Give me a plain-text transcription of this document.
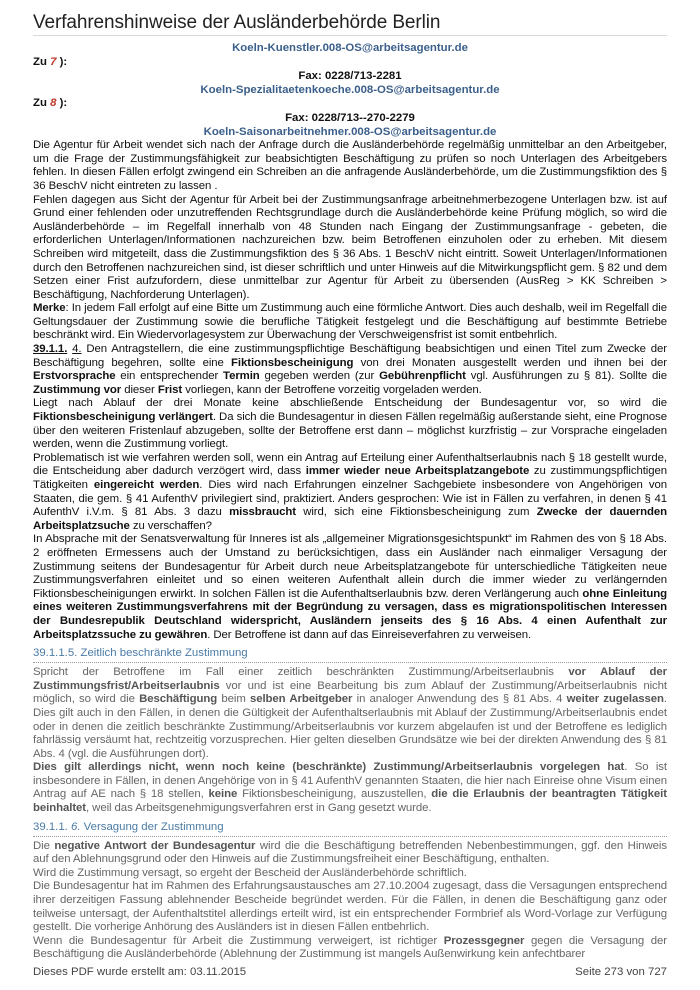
Verfahrenshinweise der Ausländerbehörde Berlin
Koeln-Kuenstler.008-OS@arbeitsagentur.de
Zu 7 ):
Fax: 0228/713-2281
Koeln-Spezialitaetenkoeche.008-OS@arbeitsagentur.de
Zu 8 ):
Fax: 0228/713--270-2279
Koeln-Saisonarbeitnehmer.008-OS@arbeitsagentur.de

Die Agentur für Arbeit wendet sich nach der Anfrage durch die Ausländerbehörde regelmäßig unmittelbar an den Arbeitgeber, um die Frage der Zustimmungsfähigkeit zur beabsichtigten Beschäftigung zu prüfen so noch Unterlagen des Arbeitgebers fehlen. In diesen Fällen erfolgt zwingend ein Schreiben an die anfragende Ausländerbehörde, um die Zustimmungsfiktion des § 36 BeschV nicht eintreten zu lassen .

Fehlen dagegen aus Sicht der Agentur für Arbeit bei der Zustimmungsanfrage arbeitnehmerbezogene Unterlagen bzw. ist auf Grund einer fehlenden oder unzutreffenden Rechtsgrundlage durch die Ausländerbehörde keine Prüfung möglich, so wird die Ausländerbehörde – im Regelfall innerhalb von 48 Stunden nach Eingang der Zustimmungsanfrage - gebeten, die erforderlichen Unterlagen/Informationen nachzureichen bzw. beim Betroffenen einzuholen oder zu erheben. Mit diesem Schreiben wird mitgeteilt, dass die Zustimmungsfiktion des § 36 Abs. 1 BeschV nicht eintritt. Soweit Unterlagen/Informationen durch den Betroffenen nachzureichen sind, ist dieser schriftlich und unter Hinweis auf die Mitwirkungspflicht gem. § 82 und dem Setzen einer Frist aufzufordern, diese unmittelbar zur Agentur für Arbeit zu übersenden (AusReg > KK Schreiben > Beschäftigung, Nachforderung Unterlagen).

Merke: In jedem Fall erfolgt auf eine Bitte um Zustimmung auch eine förmliche Antwort. Dies auch deshalb, weil im Regelfall die Geltungsdauer der Zustimmung sowie die berufliche Tätigkeit festgelegt und die Beschäftigung auf bestimmte Betriebe beschränkt wird. Ein Wiedervorlagesystem zur Überwachung der Verschweigensfrist ist somit entbehrlich.

39.1.1. 4. Den Antragstellern, die eine zustimmungspflichtige Beschäftigung beabsichtigen und einen Titel zum Zwecke der Beschäftigung begehren, sollte eine Fiktionsbescheinigung von drei Monaten ausgestellt werden und ihnen bei der Erstvorsprache ein entsprechender Termin gegeben werden (zur Gebührenpflicht vgl. Ausführungen zu § 81). Sollte die Zustimmung vor dieser Frist vorliegen, kann der Betroffene vorzeitig vorgeladen werden.

Liegt nach Ablauf der drei Monate keine abschließende Entscheidung der Bundesagentur vor, so wird die Fiktionsbescheinigung verlängert. Da sich die Bundesagentur in diesen Fällen regelmäßig außerstande sieht, eine Prognose über den weiteren Fristenlauf abzugeben, sollte der Betroffene erst dann – möglichst kurzfristig – zur Vorsprache eingeladen werden, wenn die Zustimmung vorliegt.

Problematisch ist wie verfahren werden soll, wenn ein Antrag auf Erteilung einer Aufenthaltserlaubnis nach § 18 gestellt wurde, die Entscheidung aber dadurch verzögert wird, dass immer wieder neue Arbeitsplatzangebote zu zustimmungspflichtigen Tätigkeiten eingereicht werden. Dies wird nach Erfahrungen einzelner Sachgebiete insbesondere von Angehörigen von Staaten, die gem. § 41 AufenthV privilegiert sind, praktiziert. Anders gesprochen: Wie ist in Fällen zu verfahren, in denen § 41 AufenthV i.V.m. § 81 Abs. 3 dazu missbraucht wird, sich eine Fiktionsbescheinigung zum Zwecke der dauernden Arbeitsplatzsuche zu verschaffen?

In Absprache mit der Senatsverwaltung für Inneres ist als „allgemeiner Migrationsgesichtspunkt“ im Rahmen des von § 18 Abs. 2 eröffneten Ermessens auch der Umstand zu berücksichtigen, dass ein Ausländer nach einmaliger Versagung der Zustimmung seitens der Bundesagentur für Arbeit durch neue Arbeitsplatzangebote für unterschiedliche Tätigkeiten neue Zustimmungsverfahren einleitet und so einen weiteren Aufenthalt allein durch die immer wieder zu verlängernden Fiktionsbescheinigungen erwirkt. In solchen Fällen ist die Aufenthaltserlaubnis bzw. deren Verlängerung auch ohne Einleitung eines weiteren Zustimmungsverfahrens mit der Begründung zu versagen, dass es migrationspolitischen Interessen der Bundesrepublik Deutschland widerspricht, Ausländern jenseits des § 16 Abs. 4 einen Aufenthalt zur Arbeitsplatzssuche zu gewähren. Der Betroffene ist dann auf das Einreiseverfahren zu verweisen.

39.1.1.5. Zeitlich beschränkte Zustimmung

Spricht der Betroffene im Fall einer zeitlich beschränkten Zustimmung/Arbeitserlaubnis vor Ablauf der Zustimmungsfrist/Arbeitserlaubnis vor und ist eine Bearbeitung bis zum Ablauf der Zustimmung/Arbeitserlaubnis nicht möglich, so wird die Beschäftigung beim selben Arbeitgeber in analoger Anwendung des § 81 Abs. 4 weiter zugelassen. Dies gilt auch in den Fällen, in denen die Gültigkeit der Aufenthaltserlaubnis mit Ablauf der Zustimmung/Arbeitserlaubnis endet oder in denen die zeitlich beschränkte Zustimmung/Arbeitserlaubnis vor kurzem abgelaufen ist und der Betroffene es lediglich fahrlässig versäumt hat, rechtzeitig vorzusprechen. Hier gelten dieselben Grundsätze wie bei der direkten Anwendung des § 81 Abs. 4 (vgl. die Ausführungen dort).

Dies gilt allerdings nicht, wenn noch keine (beschränkte) Zustimmung/Arbeitserlaubnis vorgelegen hat. So ist insbesondere in Fällen, in denen Angehörige von in § 41 AufenthV genannten Staaten, die hier nach Einreise ohne Visum einen Antrag auf AE nach § 18 stellen, keine Fiktionsbescheinigung, auszustellen, die die Erlaubnis der beantragten Tätigkeit beinhaltet, weil das Arbeitsgenehmigungsverfahren erst in Gang gesetzt wurde.

39.1.1. 6. Versagung der Zustimmung

Die negative Antwort der Bundesagentur wird die die Beschäftigung betreffenden Nebenbestimmungen, ggf. den Hinweis auf den Ablehnungsgrund oder den Hinweis auf die Zustimmungsfreiheit einer Beschäftigung, enthalten.

Wird die Zustimmung versagt, so ergeht der Bescheid der Ausländerbehörde schriftlich.

Die Bundesagentur hat im Rahmen des Erfahrungsaustausches am 27.10.2004 zugesagt, dass die Versagungen entsprechend ihrer derzeitigen Fassung ablehnender Bescheide begründet werden. Für die Fällen, in denen die Beschäftigung ganz oder teilweise untersagt, der Aufenthaltstitel allerdings erteilt wird, ist ein entsprechender Formbrief als Word-Vorlage zur Verfügung gestellt. Die vorherige Anhörung des Ausländers ist in diesen Fällen entbehrlich.

Wenn die Bundesagentur für Arbeit die Zustimmung verweigert, ist richtiger Prozessgegner gegen die Versagung der Beschäftigung die Ausländerbehörde (Ablehnung der Zustimmung ist mangels Außenwirkung kein anfechtbarer

Dieses PDF wurde erstellt am: 03.11.2015	Seite 273 von 727
